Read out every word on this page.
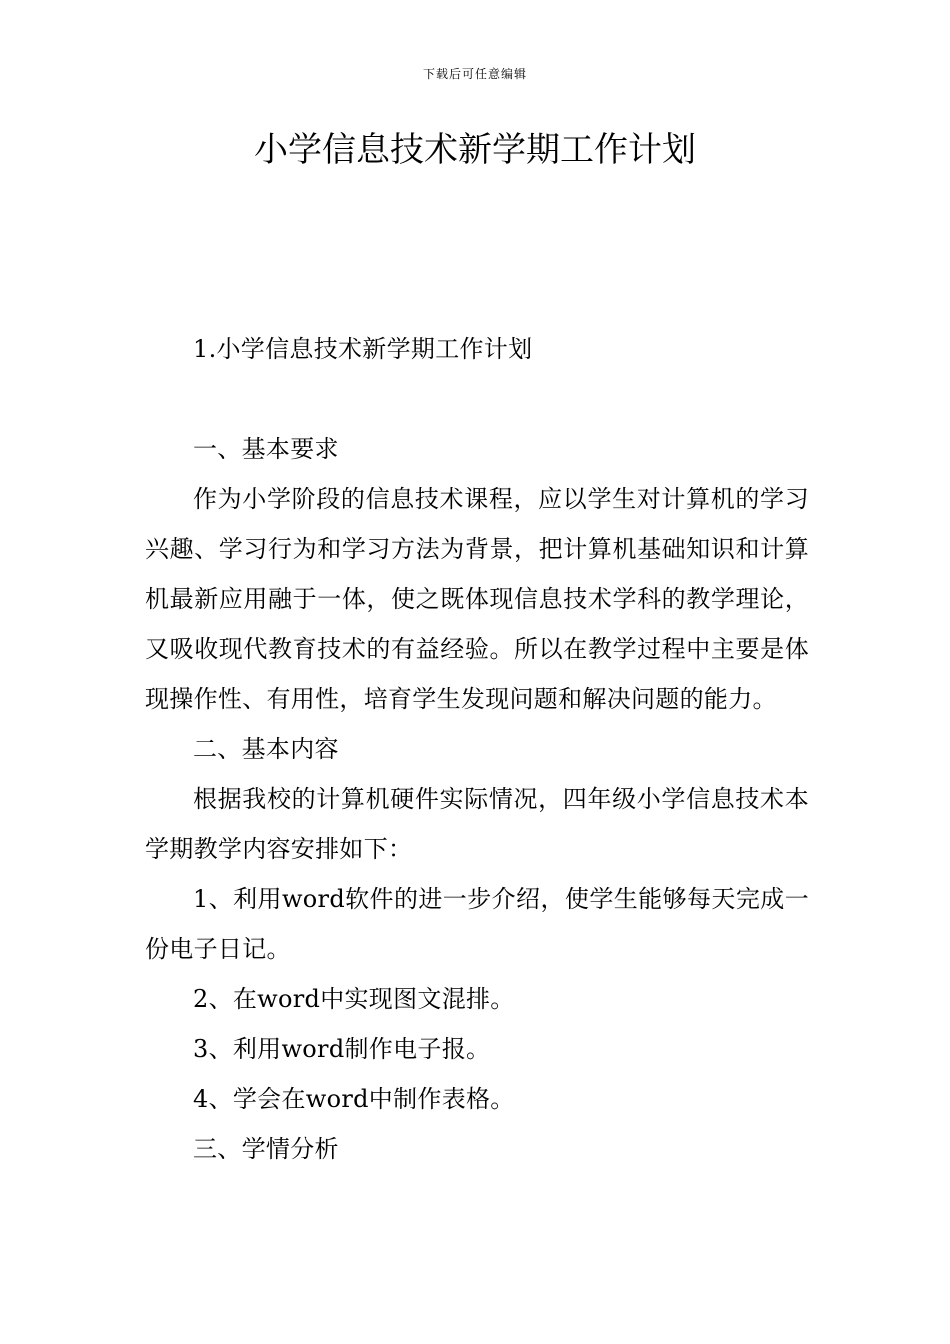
下载后可任意编辑
小学信息技术新学期工作计划

1.小学信息技术新学期工作计划

一、基本要求

作为小学阶段的信息技术课程，应以学生对计算机的学习兴趣、学习行为和学习方法为背景，把计算机基础知识和计算机最新应用融于一体，使之既体现信息技术学科的教学理论，又吸收现代教育技术的有益经验。所以在教学过程中主要是体现操作性、有用性，培育学生发现问题和解决问题的能力。

二、基本内容

根据我校的计算机硬件实际情况，四年级小学信息技术本学期教学内容安排如下：

1、利用word软件的进一步介绍，使学生能够每天完成一份电子日记。

2、在word中实现图文混排。

3、利用word制作电子报。

4、学会在word中制作表格。

三、学情分析
